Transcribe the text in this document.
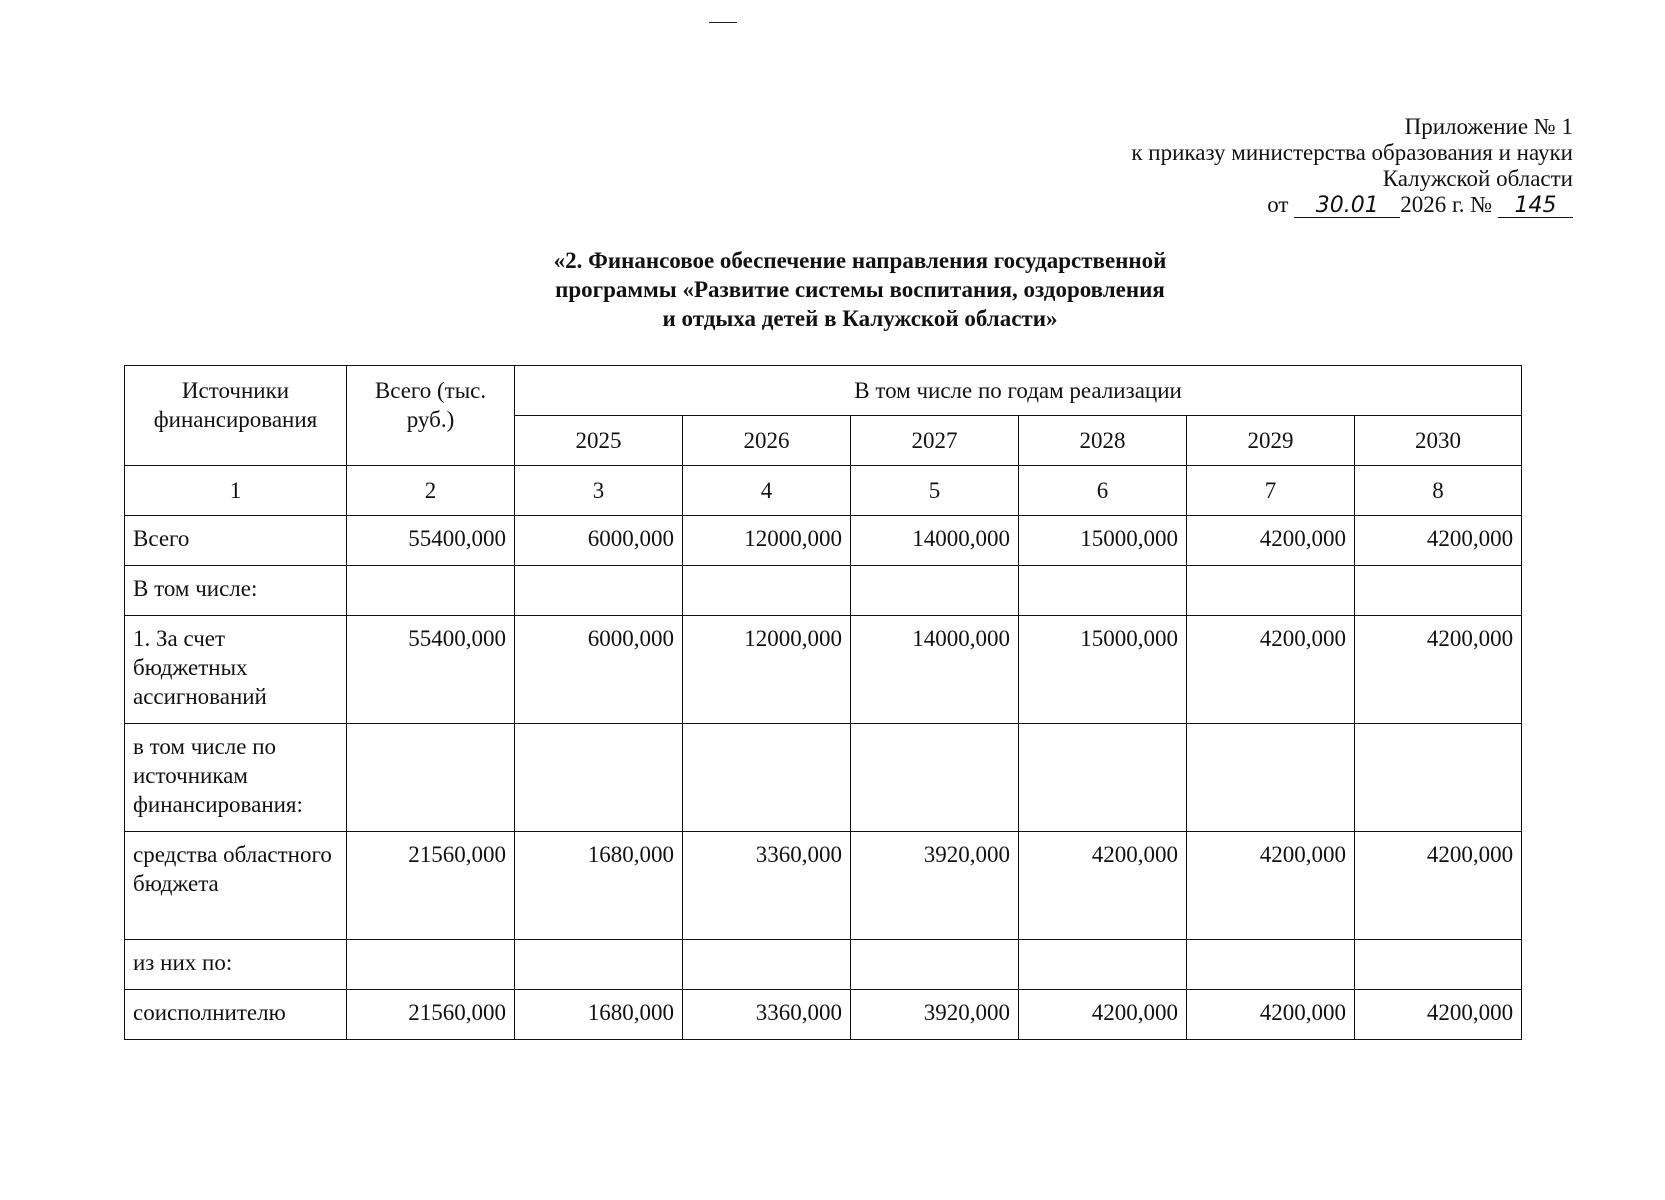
Приложение № 1
к приказу министерства образования и науки
Калужской области
от 30.01 2026 г. № 145
«2. Финансовое обеспечение направления государственной
программы «Развитие системы воспитания, оздоровления
и отдыха детей в Калужской области»
Источники финансирования	Всего (тыс. руб.)	В том числе по годам реализации					
		2025	2026	2027	2028	2029	2030
1	2	3	4	5	6	7	8
Всего	55400,000	6000,000	12000,000	14000,000	15000,000	4200,000	4200,000
В том числе:							
1. За счет бюджетных ассигнований	55400,000	6000,000	12000,000	14000,000	15000,000	4200,000	4200,000
в том числе по источникам финансирования:							
средства областного бюджета	21560,000	1680,000	3360,000	3920,000	4200,000	4200,000	4200,000
из них по:							
соисполнителю	21560,000	1680,000	3360,000	3920,000	4200,000	4200,000	4200,000
